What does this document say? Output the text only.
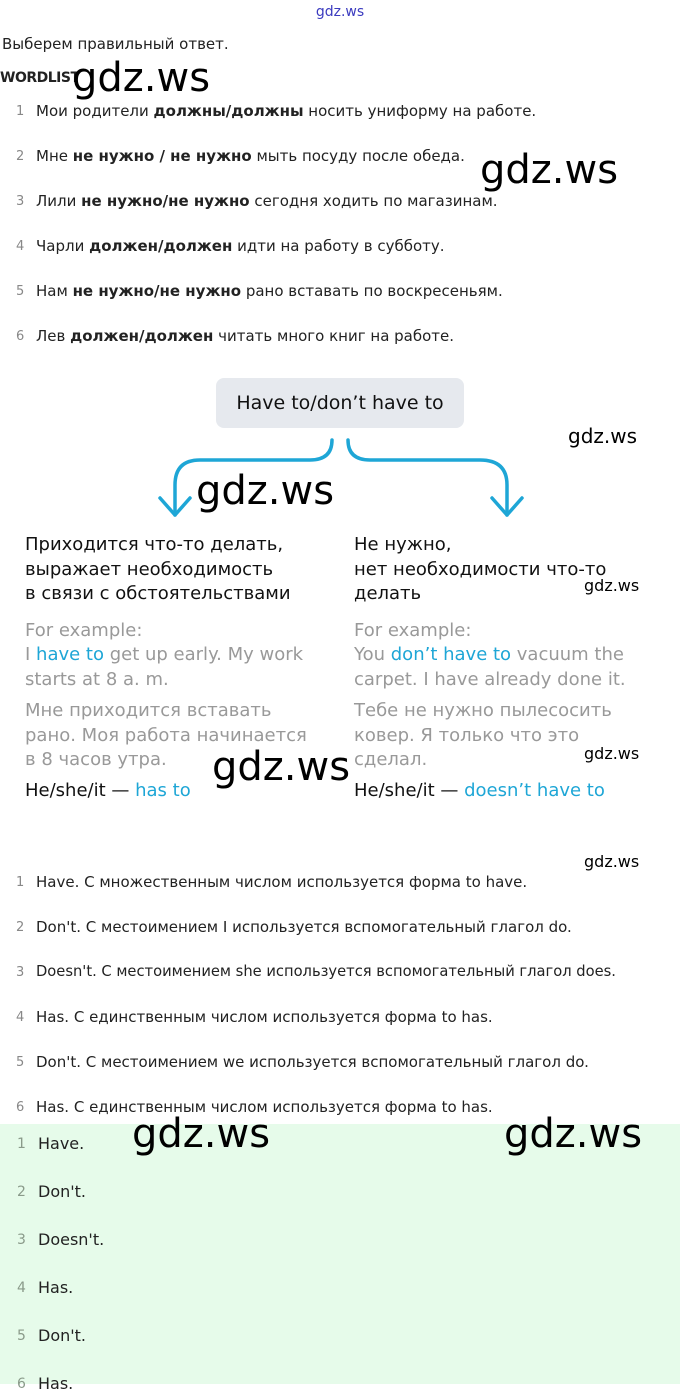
gdz.ws
Выберем правильный ответ.
WORDLIST
1 Мои родители должны/должны носить униформу на работе.
2 Мне не нужно / не нужно мыть посуду после обеда.
3 Лили не нужно/не нужно сегодня ходить по магазинам.
4 Чарли должен/должен идти на работу в субботу.
5 Нам не нужно/не нужно рано вставать по воскресеньям.
6 Лев должен/должен читать много книг на работе.
Have to/don’t have to
Приходится что-то делать,
выражает необходимость
в связи с обстоятельствами
For example:
I have to get up early. My work
starts at 8 a. m.
Мне приходится вставать
рано. Моя работа начинается
в 8 часов утра.
He/she/it — has to
Не нужно,
нет необходимости что-то
делать
For example:
You don’t have to vacuum the
carpet. I have already done it.
Тебе не нужно пылесосить
ковер. Я только что это
сделал.
He/she/it — doesn’t have to
1 Have. С множественным числом используется форма to have.
2 Don't. С местоимением I используется вспомогательный глагол do.
3 Doesn't. С местоимением she используется вспомогательный глагол does.
4 Has. С единственным числом используется форма to has.
5 Don't. С местоимением we используется вспомогательный глагол do.
6 Has. С единственным числом используется форма to has.
1 Have.
2 Don't.
3 Doesn't.
4 Has.
5 Don't.
6 Has.
gdz.ws
gdz.ws
gdz.ws
gdz.ws
gdz.ws
gdz.ws
gdz.ws
gdz.ws
gdz.ws	gdz.ws
